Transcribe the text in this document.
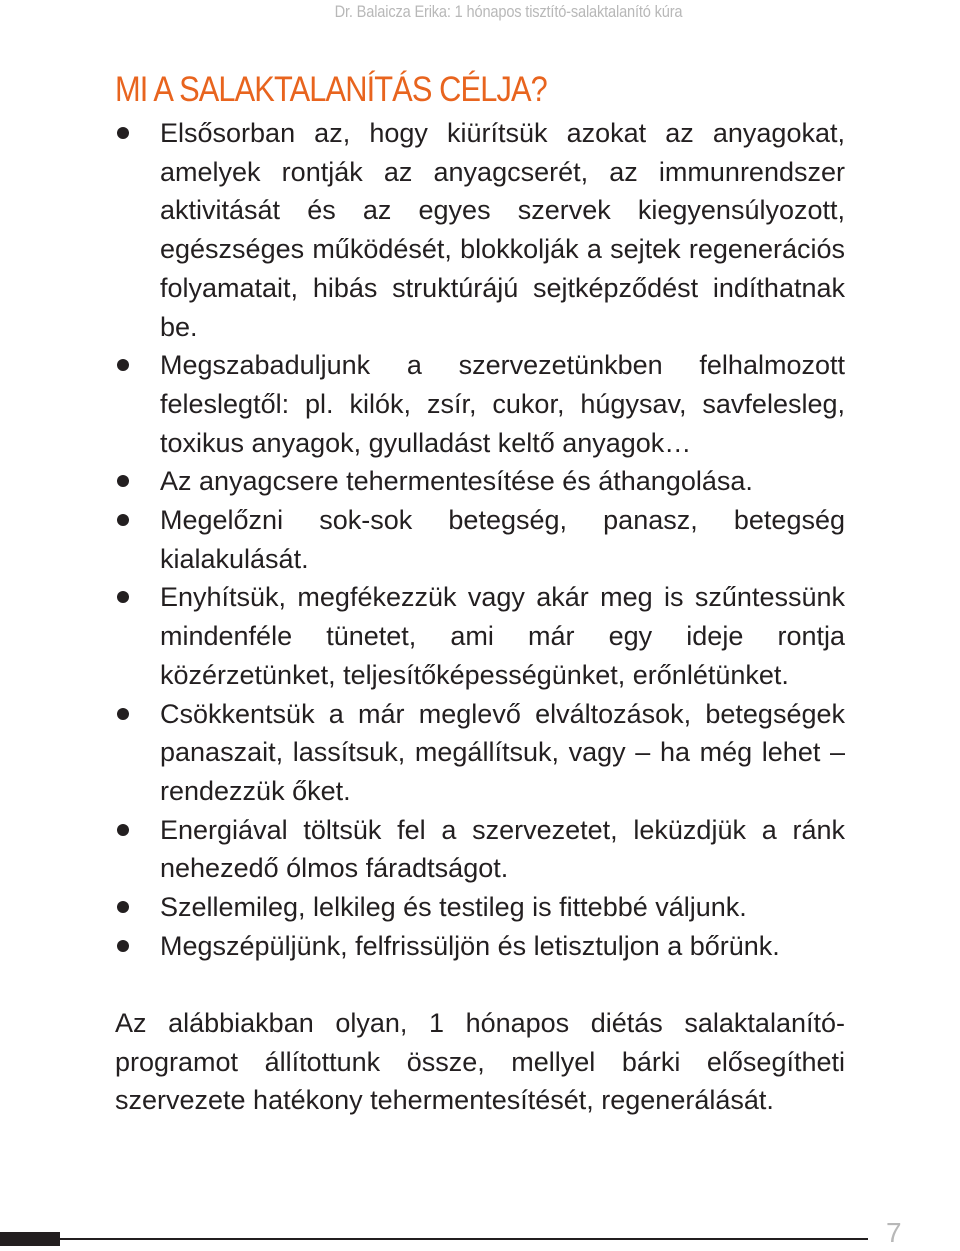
Dr. Balaicza Erika: 1 hónapos tisztító-salaktalanító kúra
MI A SALAKTALANÍTÁS CÉLJA?
Elsősorban az, hogy kiürítsük azokat az anyagokat, amelyek rontják az anyagcserét, az immunrendszer aktivitását és az egyes szervek kiegyensúlyozott, egészséges működését, blokkolják a sejtek regenerációs folyamatait, hibás struktúrájú sejtképződést indíthatnak be.
Megszabaduljunk a szervezetünkben felhalmozott feleslegtől: pl. kilók, zsír, cukor, húgysav, savfelesleg, toxikus anyagok, gyulladást keltő anyagok…
Az anyagcsere tehermentesítése és áthangolása.
Megelőzni sok-sok betegség, panasz, betegség kialakulását.
Enyhítsük, megfékezzük vagy akár meg is szűntessünk mindenféle tünetet, ami már egy ideje rontja közérzetünket, teljesítőképességünket, erőnlétünket.
Csökkentsük a már meglevő elváltozások, betegségek panaszait, lassítsuk, megállítsuk, vagy – ha még lehet – rendezzük őket.
Energiával töltsük fel a szervezetet, leküzdjük a ránk nehezedő ólmos fáradtságot.
Szellemileg, lelkileg és testileg is fittebbé váljunk.
Megszépüljünk, felfrissüljön és letisztuljon a bőrünk.

Az alábbiakban olyan, 1 hónapos diétás salaktalanító-programot állítottunk össze, mellyel bárki elősegítheti szervezete hatékony tehermentesítését, regenerálását.

7
